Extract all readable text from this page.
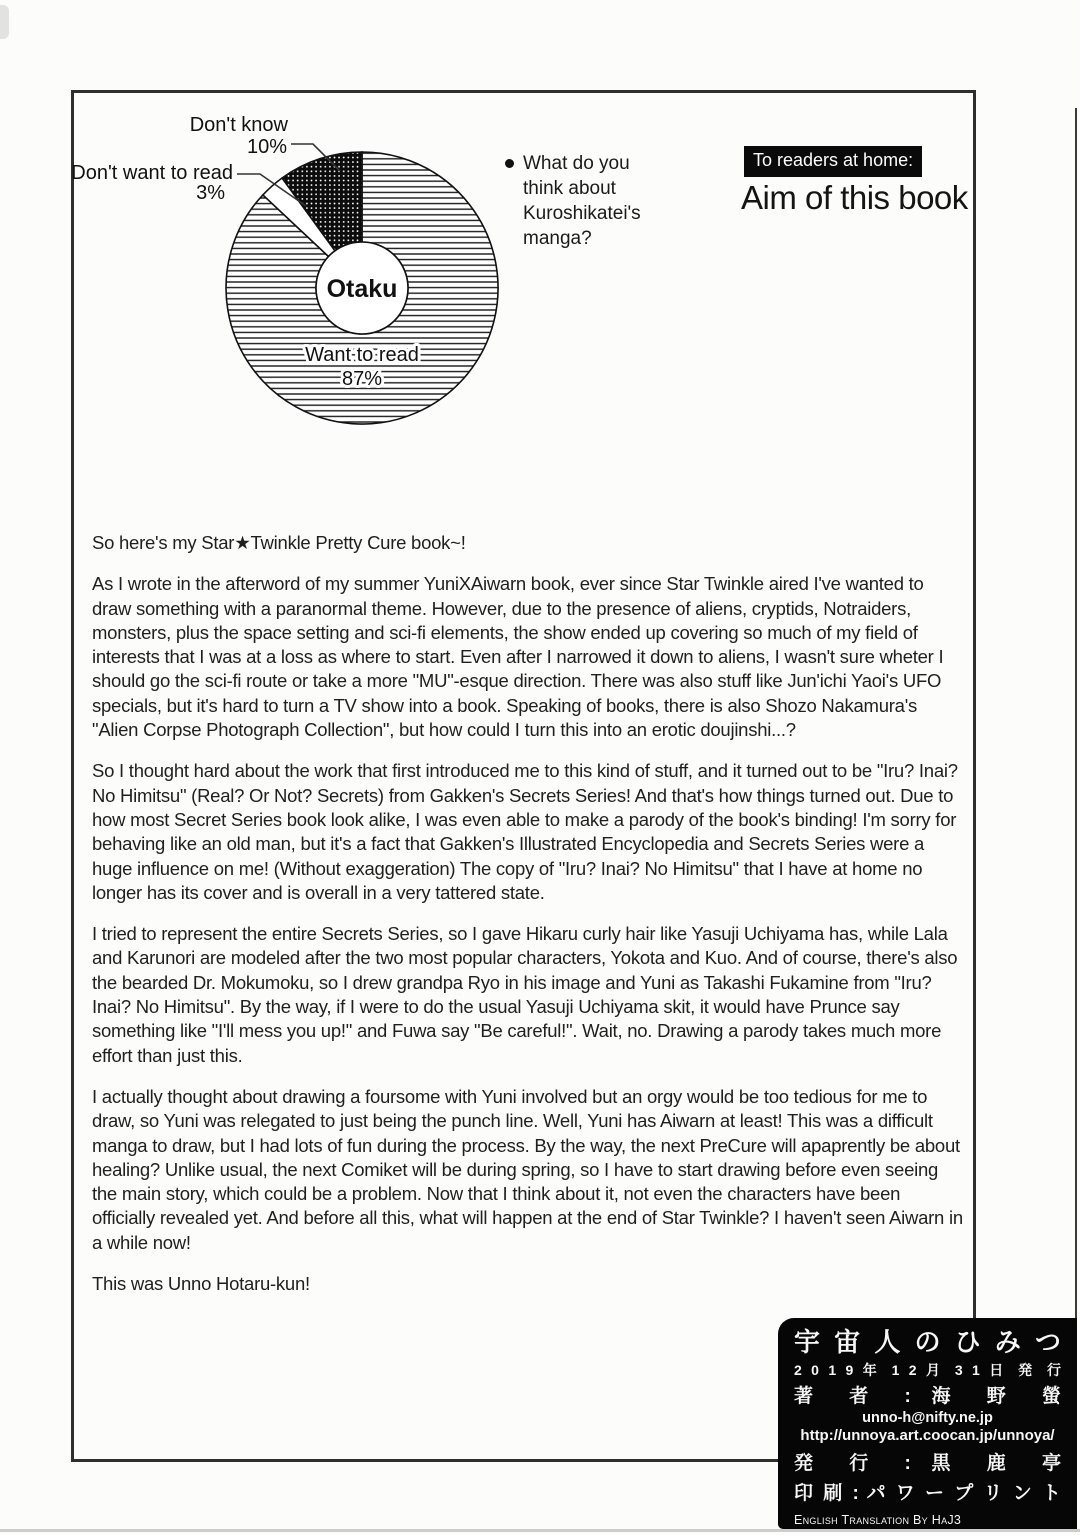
Don't know
10%
Don't want to read
3%
Want to read
87%
Otaku
What do you think about Kuroshikatei's manga?
To readers at home:
Aim of this book

So here's my Star★Twinkle Pretty Cure book~!

As I wrote in the afterword of my summer YuniXAiwarn book, ever since Star Twinkle aired I've wanted to draw something with a paranormal theme. However, due to the presence of aliens, cryptids, Notraiders, monsters, plus the space setting and sci-fi elements, the show ended up covering so much of my field of interests that I was at a loss as where to start. Even after I narrowed it down to aliens, I wasn't sure wheter I should go the sci-fi route or take a more "MU"-esque direction. There was also stuff like Jun'ichi Yaoi's UFO specials, but it's hard to turn a TV show into a book. Speaking of books, there is also Shozo Nakamura's "Alien Corpse Photograph Collection", but how could I turn this into an erotic doujinshi...?

So I thought hard about the work that first introduced me to this kind of stuff, and it turned out to be "Iru? Inai? No Himitsu" (Real? Or Not? Secrets) from Gakken's Secrets Series! And that's how things turned out. Due to how most Secret Series book look alike, I was even able to make a parody of the book's binding! I'm sorry for behaving like an old man, but it's a fact that Gakken's Illustrated Encyclopedia and Secrets Series were a huge influence on me! (Without exaggeration) The copy of "Iru? Inai? No Himitsu" that I have at home no longer has its cover and is overall in a very tattered state.

I tried to represent the entire Secrets Series, so I gave Hikaru curly hair like Yasuji Uchiyama has, while Lala and Karunori are modeled after the two most popular characters, Yokota and Kuo. And of course, there's also the bearded Dr. Mokumoku, so I drew grandpa Ryo in his image and Yuni as Takashi Fukamine from "Iru? Inai? No Himitsu". By the way, if I were to do the usual Yasuji Uchiyama skit, it would have Prunce say something like "I'll mess you up!" and Fuwa say "Be careful!". Wait, no. Drawing a parody takes much more effort than just this.

I actually thought about drawing a foursome with Yuni involved but an orgy would be too tedious for me to draw, so Yuni was relegated to just being the punch line. Well, Yuni has Aiwarn at least! This was a difficult manga to draw, but I had lots of fun during the process. By the way, the next PreCure will apaprently be about healing? Unlike usual, the next Comiket will be during spring, so I have to start drawing before even seeing the main story, which could be a problem. Now that I think about it, not even the characters have been officially revealed yet. And before all this, what will happen at the end of Star Twinkle? I haven't seen Aiwarn in a while now!

This was Unno Hotaru-kun!

宇 宙 人 の ひ み つ
2 0 1 9 年 1 2 月 3 1 日 発 行
著 者 : 海 野 螢
unno-h@nifty.ne.jp
http://unnoya.art.coocan.jp/unnoya/
発 行 : 黒 鹿 亭
印 刷 : パ ワ ー プ リ ン ト
English Translation By HaJ3
